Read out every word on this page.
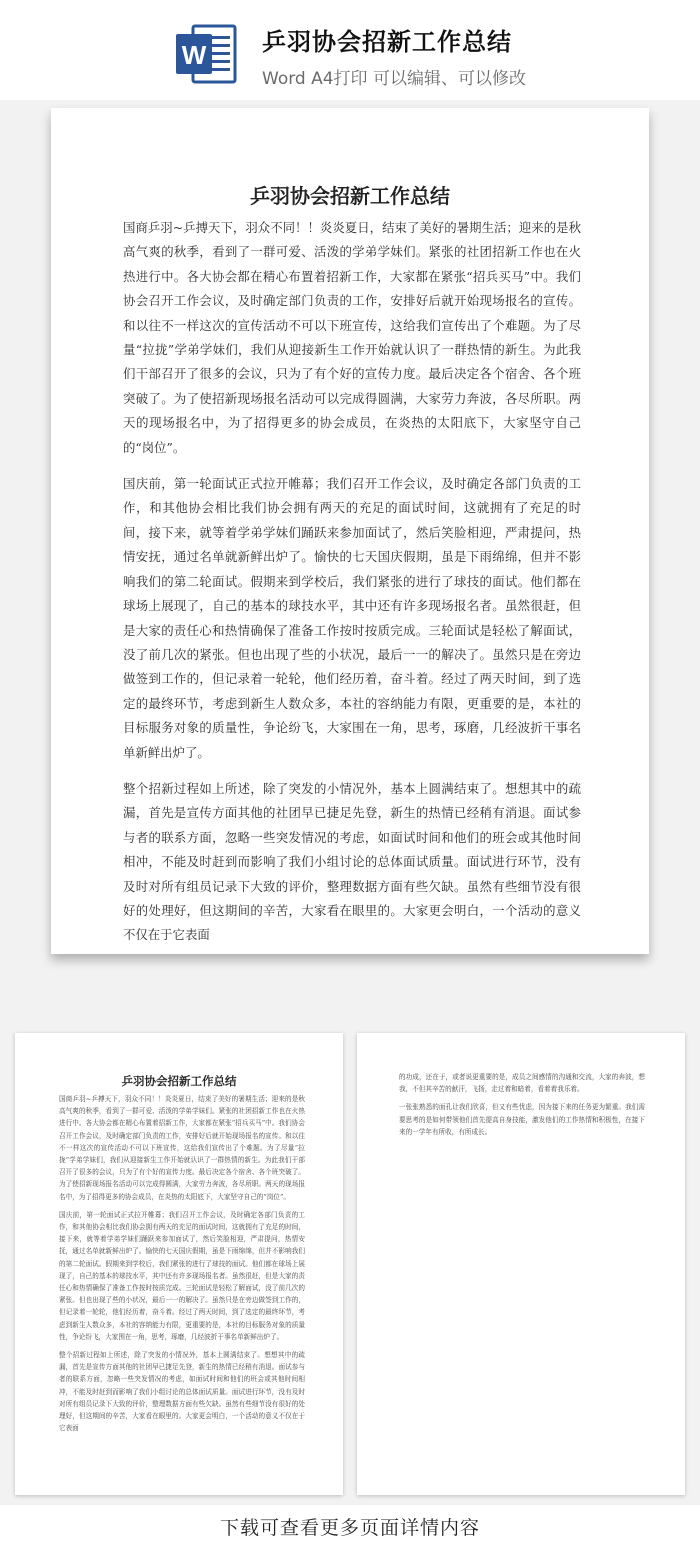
W 乒羽协会招新工作总结
Word A4打印 可以编辑、可以修改
乒羽协会招新工作总结

国商乒羽~乒搏天下，羽众不同！！炎炎夏日，结束了美好的暑期生活；迎来的是秋高气爽的秋季，看到了一群可爱、活泼的学弟学妹们。紧张的社团招新工作也在火热进行中。各大协会都在精心布置着招新工作，大家都在紧张“招兵买马”中。我们协会召开工作会议，及时确定部门负责的工作，安排好后就开始现场报名的宣传。和以往不一样这次的宣传活动不可以下班宣传，这给我们宣传出了个难题。为了尽量“拉拢”学弟学妹们，我们从迎接新生工作开始就认识了一群热情的新生。为此我们干部召开了很多的会议，只为了有个好的宣传力度。最后决定各个宿舍、各个班突破了。为了使招新现场报名活动可以完成得圆满，大家劳力奔波，各尽所职。两天的现场报名中，为了招得更多的协会成员，在炎热的太阳底下，大家坚守自己的“岗位”。

国庆前，第一轮面试正式拉开帷幕；我们召开工作会议，及时确定各部门负责的工作，和其他协会相比我们协会拥有两天的充足的面试时间，这就拥有了充足的时间，接下来，就等着学弟学妹们踊跃来参加面试了，然后笑脸相迎，严肃提问，热情安抚，通过名单就新鲜出炉了。愉快的七天国庆假期，虽是下雨绵绵，但并不影响我们的第二轮面试。假期来到学校后，我们紧张的进行了球技的面试。他们都在球场上展现了，自己的基本的球技水平，其中还有许多现场报名者。虽然很赶，但是大家的责任心和热情确保了准备工作按时按质完成。三轮面试是轻松了解面试，没了前几次的紧张。但也出现了些的小状况，最后一一的解决了。虽然只是在旁边做签到工作的，但记录着一轮轮，他们经历着，奋斗着。经过了两天时间，到了选定的最终环节，考虑到新生人数众多，本社的容纳能力有限，更重要的是，本社的目标服务对象的质量性，争论纷飞，大家围在一角，思考，琢磨，几经波折干事名单新鲜出炉了。

整个招新过程如上所述，除了突发的小情况外，基本上圆满结束了。想想其中的疏漏，首先是宣传方面其他的社团早已捷足先登，新生的热情已经稍有消退。面试参与者的联系方面，忽略一些突发情况的考虑，如面试时间和他们的班会或其他时间相冲，不能及时赶到而影响了我们小组讨论的总体面试质量。面试进行环节，没有及时对所有组员记录下大致的评价，整理数据方面有些欠缺。虽然有些细节没有很好的处理好，但这期间的辛苦，大家看在眼里的。大家更会明白，一个活动的意义不仅在于它表面

乒羽协会招新工作总结

国商乒羽~乒搏天下，羽众不同！！炎炎夏日，结束了美好的暑期生活；迎来的是秋高气爽的秋季，看到了一群可爱、活泼的学弟学妹们。紧张的社团招新工作也在火热进行中。各大协会都在精心布置着招新工作，大家都在紧张“招兵买马”中。我们协会召开工作会议，及时确定部门负责的工作，安排好后就开始现场报名的宣传。和以往不一样这次的宣传活动不可以下班宣传，这给我们宣传出了个难题。为了尽量“拉拢”学弟学妹们，我们从迎接新生工作开始就认识了一群热情的新生。为此我们干部召开了很多的会议，只为了有个好的宣传力度。最后决定各个宿舍、各个班突破了。为了使招新现场报名活动可以完成得圆满，大家劳力奔波，各尽所职。两天的现场报名中，为了招得更多的协会成员，在炎热的太阳底下，大家坚守自己的“岗位”。

国庆前，第一轮面试正式拉开帷幕；我们召开工作会议，及时确定各部门负责的工作，和其他协会相比我们协会拥有两天的充足的面试时间，这就拥有了充足的时间，接下来，就等着学弟学妹们踊跃来参加面试了，然后笑脸相迎，严肃提问，热情安抚，通过名单就新鲜出炉了。愉快的七天国庆假期，虽是下雨绵绵，但并不影响我们的第二轮面试。假期来到学校后，我们紧张的进行了球技的面试。他们都在球场上展现了，自己的基本的球技水平，其中还有许多现场报名者。虽然很赶，但是大家的责任心和热情确保了准备工作按时按质完成。三轮面试是轻松了解面试，没了前几次的紧张。但也出现了些的小状况，最后一一的解决了。虽然只是在旁边做签到工作的，但记录着一轮轮，他们经历着，奋斗着。经过了两天时间，到了选定的最终环节，考虑到新生人数众多，本社的容纳能力有限，更重要的是，本社的目标服务对象的质量性，争论纷飞，大家围在一角，思考，琢磨，几经波折干事名单新鲜出炉了。

整个招新过程如上所述，除了突发的小情况外，基本上圆满结束了。想想其中的疏漏，首先是宣传方面其他的社团早已捷足先登，新生的热情已经稍有消退。面试参与者的联系方面，忽略一些突发情况的考虑，如面试时间和他们的班会或其他时间相冲，不能及时赶到而影响了我们小组讨论的总体面试质量。面试进行环节，没有及时对所有组员记录下大致的评价，整理数据方面有些欠缺。虽然有些细节没有很好的处理好，但这期间的辛苦，大家看在眼里的。大家更会明白，一个活动的意义不仅在于它表面

的功成，还在于，或者说更重要的是，成员之间感情的沟通和交流，大家的奔波，想我，不但其辛苦的献汗，飞扬，走过着和暗着，看着着我乐着。

一张张熟悉的面孔让我们欣喜，但又有些忧虑，因为接下来的任务更为繁重。我们需要思考的是如何带领他们首先提高自身技能，激发他们的工作热情和积极性，在接下来的一学年有所收，有所成长。

下载可查看更多页面详情内容
